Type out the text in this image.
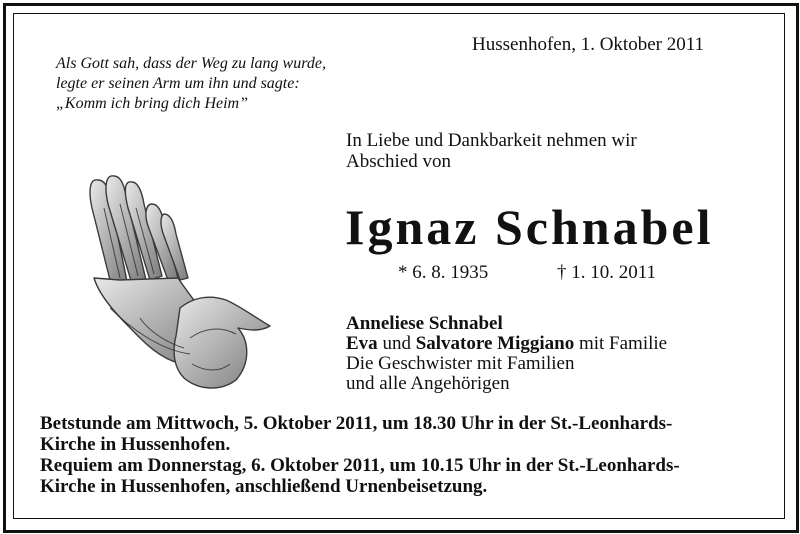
Hussenhofen, 1. Oktober 2011
Als Gott sah, dass der Weg zu lang wurde,
legte er seinen Arm um ihn und sagte:
„Komm ich bring dich Heim”
In Liebe und Dankbarkeit nehmen wir
Abschied von
Ignaz Schnabel
* 6. 8. 1935	† 1. 10. 2011
Anneliese Schnabel
Eva und Salvatore Miggiano mit Familie
Die Geschwister mit Familien
und alle Angehörigen
Betstunde am Mittwoch, 5. Oktober 2011, um 18.30 Uhr in der St.-Leonhards-
Kirche in Hussenhofen.
Requiem am Donnerstag, 6. Oktober 2011, um 10.15 Uhr in der St.-Leonhards-
Kirche in Hussenhofen, anschließend Urnenbeisetzung.
